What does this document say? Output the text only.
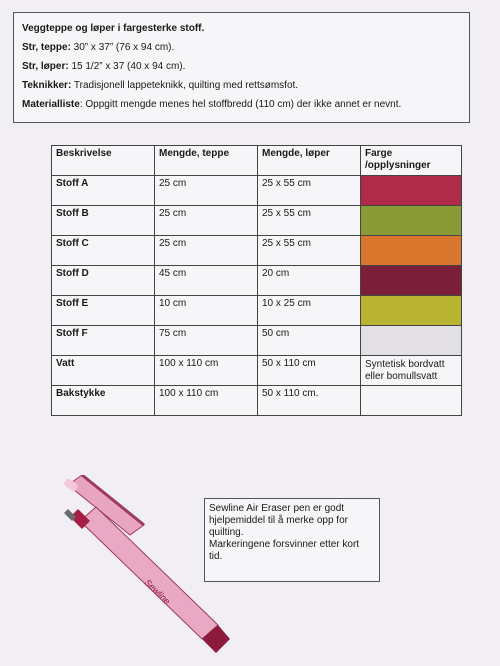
Veggteppe og løper i fargesterke stoff.
Str, teppe: 30” x 37” (76 x 94 cm).
Str, løper: 15 1/2” x 37 (40 x 94 cm).
Teknikker: Tradisjonell lappeteknikk, quilting med rettsømsfot.
Materialliste: Oppgitt mengde menes hel stoffbredd (110 cm) der ikke annet er nevnt.
Beskrivelse	Mengde, teppe	Mengde, løper	Farge /opplysninger
Stoff A	25 cm	25 x 55 cm	

Stoff B	25 cm	25 x 55 cm	

Stoff C	25 cm	25 x 55 cm	

Stoff D	45 cm	20 cm	

Stoff E	10 cm	10 x 25 cm	

Stoff F	75 cm	50 cm	

Vatt	100 x 110 cm	50 x 110 cm	Syntetisk bordvatt eller bomullsvatt
Bakstykke	100 x 110 cm	50 x 110 cm.	
Sewline
Sewline Air Eraser pen er godt hjelpemiddel til å merke opp for quilting.
Markeringene forsvinner etter kort tid.
